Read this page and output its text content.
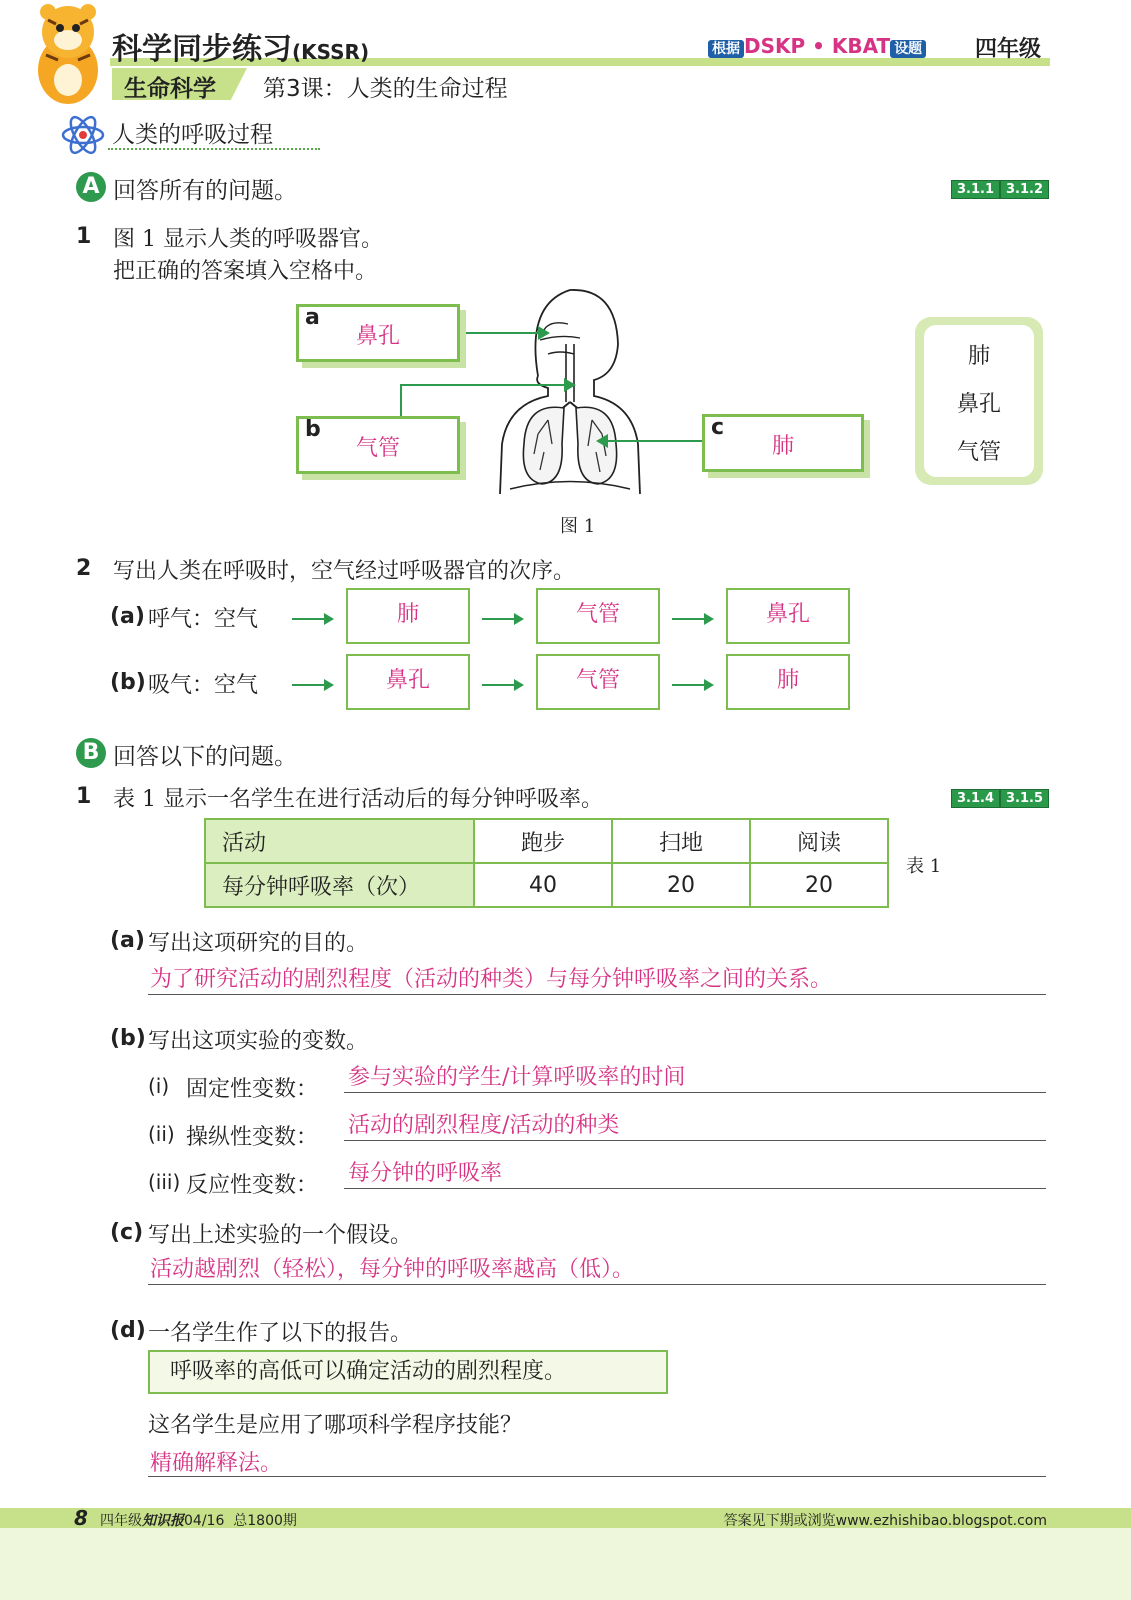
科学同步练习(KSSR)	根据 DSKP • KBAT 设题 四年级
生命科学 第3课：人类的生命过程
人类的呼吸过程
A 回答所有的问题。	3.1.1 3.1.2
1 图 1 显示人类的呼吸器官。
把正确的答案填入空格中。
a
鼻孔
b
气管
c
肺
肺
鼻孔
气管
图 1
2 写出人类在呼吸时，空气经过呼吸器官的次序。
(a) 呼气：空气	肺	气管	鼻孔
(b) 吸气：空气	鼻孔	气管	肺
B 回答以下的问题。
1 表 1 显示一名学生在进行活动后的每分钟呼吸率。	3.1.4 3.1.5
活动	跑步	扫地	阅读
每分钟呼吸率（次）	40	20	20
表 1
(a) 写出这项研究的目的。
为了研究活动的剧烈程度（活动的种类）与每分钟呼吸率之间的关系。
(b) 写出这项实验的变数。
(i) 固定性变数： 参与实验的学生/计算呼吸率的时间
(ii) 操纵性变数： 活动的剧烈程度/活动的种类
(iii) 反应性变数： 每分钟的呼吸率
(c) 写出上述实验的一个假设。
活动越剧烈（轻松），每分钟的呼吸率越高（低）。
(d) 一名学生作了以下的报告。
呼吸率的高低可以确定活动的剧烈程度。
这名学生是应用了哪项科学程序技能？
精确解释法。
8 四年级知识报04/16 总1800期	答案见下期或浏览www.ezhishibao.blogspot.com
